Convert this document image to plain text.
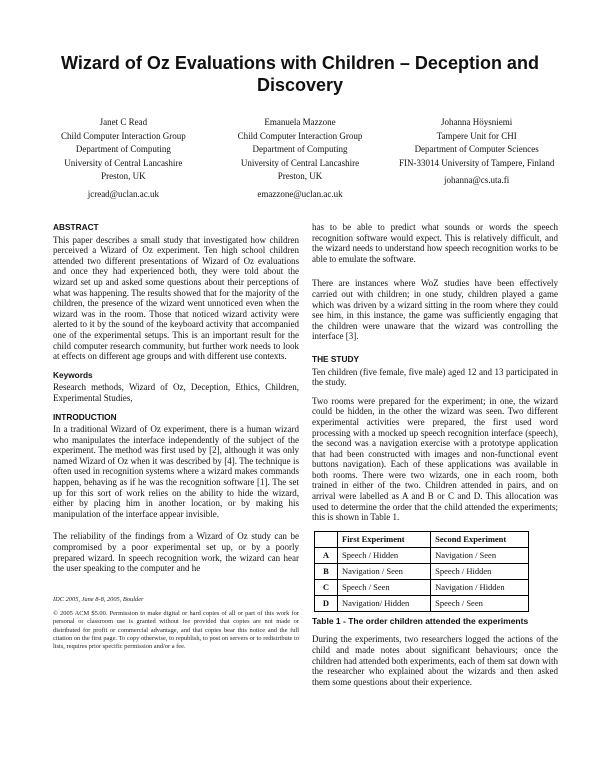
Wizard of Oz Evaluations with Children – Deception and Discovery
Janet C Read
Child Computer Interaction Group
Department of Computing
University of Central Lancashire
Preston, UK
jcread@uclan.ac.uk
Emanuela Mazzone
Child Computer Interaction Group
Department of Computing
University of Central Lancashire
Preston, UK
emazzone@uclan.ac.uk
Johanna Höysniemi
Tampere Unit for CHI
Department of Computer Sciences
FIN-33014 University of Tampere, Finland
johanna@cs.uta.fi
ABSTRACT

This paper describes a small study that investigated how children perceived a Wizard of Oz experiment. Ten high school children attended two different presentations of Wizard of Oz evaluations and once they had experienced both, they were told about the wizard set up and asked some questions about their perceptions of what was happening. The results showed that for the majority of the children, the presence of the wizard went unnoticed even when the wizard was in the room. Those that noticed wizard activity were alerted to it by the sound of the keyboard activity that accompanied one of the experimental setups. This is an important result for the child computer research community, but further work needs to look at effects on different age groups and with different use contexts.

Keywords

Research methods, Wizard of Oz, Deception, Ethics, Children, Experimental Studies,

INTRODUCTION

In a traditional Wizard of Oz experiment, there is a human wizard who manipulates the interface independently of the subject of the experiment. The method was first used by [2], although it was only named Wizard of Oz when it was described by [4]. The technique is often used in recognition systems where a wizard makes commands happen, behaving as if he was the recognition software [1]. The set up for this sort of work relies on the ability to hide the wizard, either by placing him in another location, or by making his manipulation of the interface appear invisible.

The reliability of the findings from a Wizard of Oz study can be compromised by a poor experimental set up, or by a poorly prepared wizard. In speech recognition work, the wizard can hear the user speaking to the computer and he

IDC 2005, June 8-8, 2005, Boulder
© 2005 ACM $5.00. Permission to make digital or hard copies of all or part of this work for personal or classroom use is granted without fee provided that copies are not made or distributed for profit or commercial advantage, and that copies bear this notice and the full citation on the first page. To copy otherwise, to republish, to post on servers or to redistribute to lists, requires prior specific permission and/or a fee.

has to be able to predict what sounds or words the speech recognition software would expect. This is relatively difficult, and the wizard needs to understand how speech recognition works to be able to emulate the software.

There are instances where WoZ studies have been effectively carried out with children; in one study, children played a game which was driven by a wizard sitting in the room where they could see him, in this instance, the game was sufficiently engaging that the children were unaware that the wizard was controlling the interface [3].

THE STUDY

Ten children (five female, five male) aged 12 and 13 participated in the study.

Two rooms were prepared for the experiment; in one, the wizard could be hidden, in the other the wizard was seen. Two different experimental activities were prepared, the first used word processing with a mocked up speech recognition interface (speech), the second was a navigation exercise with a prototype application that had been constructed with images and non-functional event buttons navigation). Each of these applications was available in both rooms. There were two wizards, one in each room, both trained in either of the two. Children attended in pairs, and on arrival were labelled as A and B or C and D. This allocation was used to determine the order that the child attended the experiments; this is shown in Table 1.

	First Experiment	Second Experiment
A	Speech / Hidden	Navigation / Seen
B	Navigation / Seen	Speech / Hidden
C	Speech / Seen	Navigation / Hidden
D	Navigation/ Hidden	Speech / Seen
Table 1 - The order children attended the experiments

During the experiments, two researchers logged the actions of the child and made notes about significant behaviours; once the children had attended both experiments, each of them sat down with the researcher who explained about the wizards and then asked them some questions about their experience.
